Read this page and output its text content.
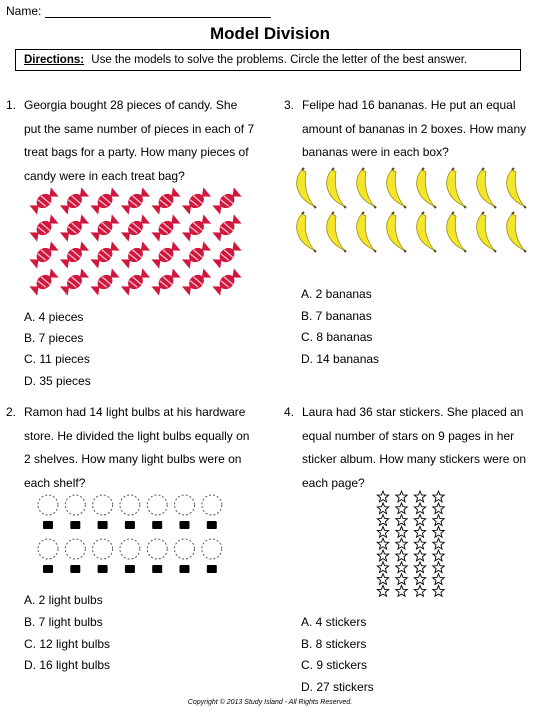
Name:
Model Division
Directions: Use the models to solve the problems. Circle the letter of the best answer.
1. Georgia bought 28 pieces of candy. She
put the same number of pieces in each of 7
treat bags for a party. How many pieces of
candy were in each treat bag?
A. 4 pieces
B. 7 pieces
C. 11 pieces
D. 35 pieces
2. Ramon had 14 light bulbs at his hardware
store. He divided the light bulbs equally on
2 shelves. How many light bulbs were on
each shelf?
A. 2 light bulbs
B. 7 light bulbs
C. 12 light bulbs
D. 16 light bulbs
3. Felipe had 16 bananas. He put an equal
amount of bananas in 2 boxes. How many
bananas were in each box?
A. 2 bananas
B. 7 bananas
C. 8 bananas
D. 14 bananas
4. Laura had 36 star stickers. She placed an
equal number of stars on 9 pages in her
sticker album. How many stickers were on
each page?
A. 4 stickers
B. 8 stickers
C. 9 stickers
D. 27 stickers
Copyright © 2013 Study Island - All Rights Reserved.
